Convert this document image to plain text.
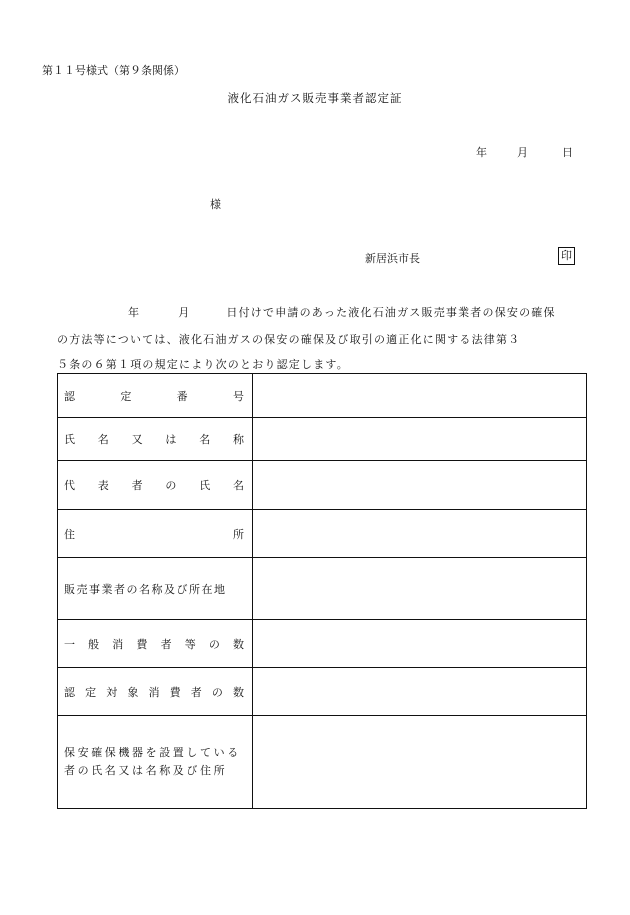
第１１号様式（第９条関係）
液化石油ガス販売事業者認定証
年	月	日
様
新居浜市長	印
年	月	日付けで申請のあった液化石油ガス販売事業者の保安の確保
の方法等については、液化石油ガスの保安の確保及び取引の適正化に関する法律第３
５条の６第１項の規定により次のとおり認定します。
認	定	番	号
氏 名 又 は 名 称
代 表 者 の 氏 名
住	所
販売事業者の名称及び所在地
一 般 消 費 者 等 の 数
認 定 対 象 消 費 者 の 数
保安確保機器を設置している
者の氏名又は名称及び住所
